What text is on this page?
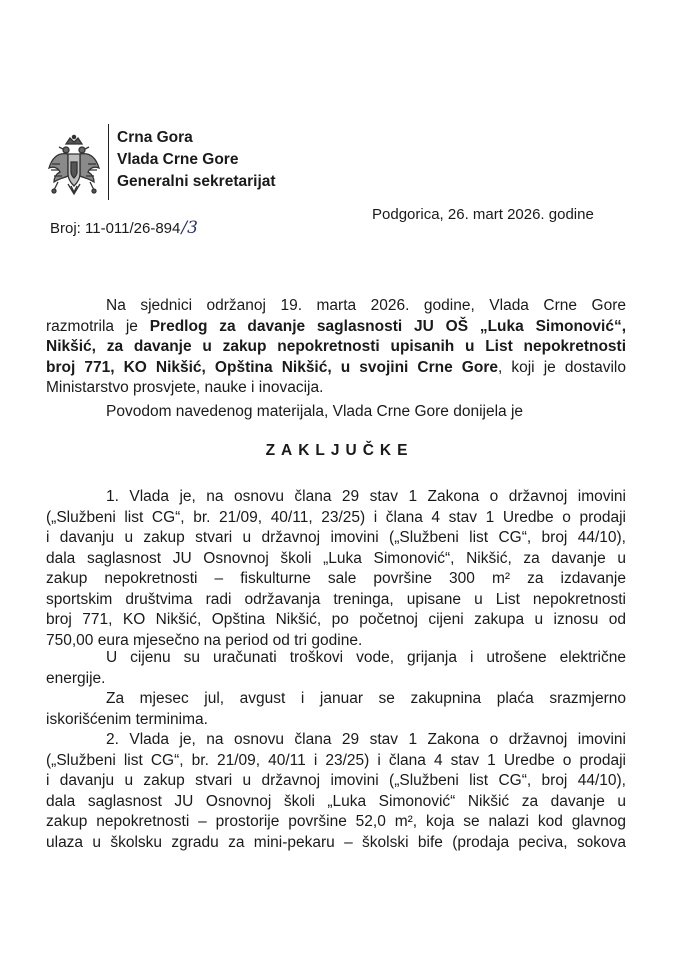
Crna Gora
Vlada Crne Gore
Generalni sekretarijat
Broj: 11-011/26-894/3
Podgorica, 26. mart 2026. godine
Na sjednici održanoj 19. marta 2026. godine, Vlada Crne Gore
razmotrila je Predlog za davanje saglasnosti JU OŠ „Luka Simonović“,
Nikšić, za davanje u zakup nepokretnosti upisanih u List nepokretnosti
broj 771, KO Nikšić, Opština Nikšić, u svojini Crne Gore, koji je dostavilo
Ministarstvo prosvjete, nauke i inovacija.
Povodom navedenog materijala, Vlada Crne Gore donijela je
ZAKLJUČKE
1. Vlada je, na osnovu člana 29 stav 1 Zakona o državnoj imovini
(„Službeni list CG“, br. 21/09, 40/11, 23/25) i člana 4 stav 1 Uredbe o prodaji
i davanju u zakup stvari u državnoj imovini („Službeni list CG“, broj 44/10),
dala saglasnost JU Osnovnoj školi „Luka Simonović“, Nikšić, za davanje u
zakup nepokretnosti – fiskulturne sale površine 300 m² za izdavanje
sportskim društvima radi održavanja treninga, upisane u List nepokretnosti
broj 771, KO Nikšić, Opština Nikšić, po početnoj cijeni zakupa u iznosu od
750,00 eura mjesečno na period od tri godine.
U cijenu su uračunati troškovi vode, grijanja i utrošene električne
energije.
Za mjesec jul, avgust i januar se zakupnina plaća srazmjerno
iskorišćenim terminima.
2. Vlada je, na osnovu člana 29 stav 1 Zakona o državnoj imovini
(„Službeni list CG“, br. 21/09, 40/11 i 23/25) i člana 4 stav 1 Uredbe o prodaji
i davanju u zakup stvari u državnoj imovini („Službeni list CG“, broj 44/10),
dala saglasnost JU Osnovnoj školi „Luka Simonović“ Nikšić za davanje u
zakup nepokretnosti – prostorije površine 52,0 m², koja se nalazi kod glavnog
ulaza u školsku zgradu za mini-pekaru – školski bife (prodaja peciva, sokova
